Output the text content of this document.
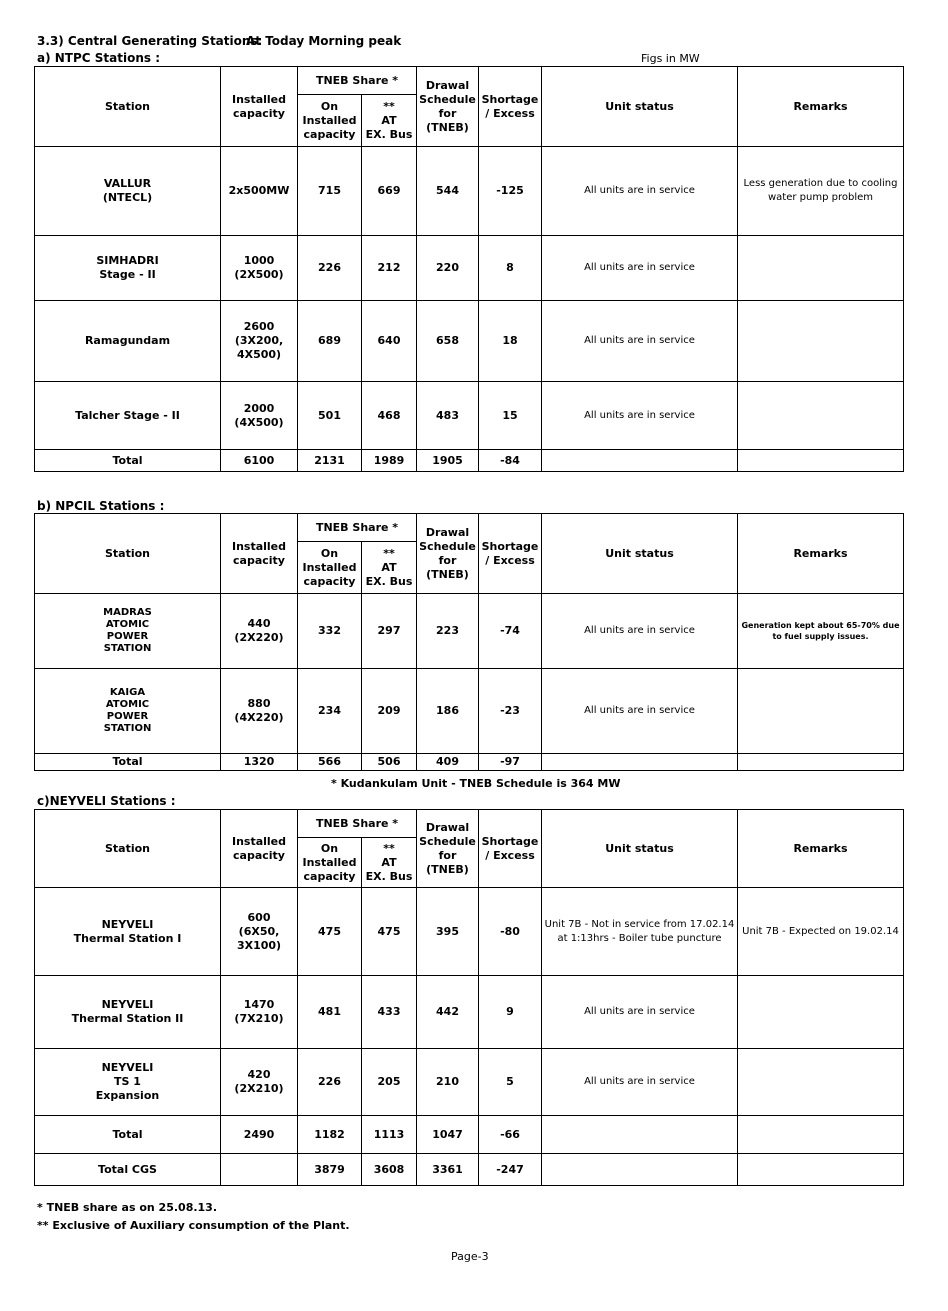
3.3) Central Generating Stations:
At Today Morning peak
a) NTPC Stations :	Figs in MW
Station	Installed
capacity	TNEB Share *		Drawal
Schedule
for
(TNEB)	Shortage
/ Excess	Unit status	Remarks
		On
Installed
capacity	**
AT
EX. Bus				
VALLUR
(NTECL)	2x500MW	715	669	544	-125	All units are in service	Less generation due to cooling water pump problem
SIMHADRI
Stage - II	1000
(2X500)	226	212	220	8	All units are in service	
Ramagundam	2600
(3X200,
4X500)	689	640	658	18	All units are in service	
Talcher Stage - II	2000
(4X500)	501	468	483	15	All units are in service	
Total	6100	2131	1989	1905	-84		
b) NPCIL Stations :
Station	Installed
capacity	TNEB Share *		Drawal
Schedule
for
(TNEB)	Shortage
/ Excess	Unit status	Remarks
		On
Installed
capacity	**
AT
EX. Bus				
MADRAS
ATOMIC
POWER
STATION	440
(2X220)	332	297	223	-74	All units are in service	Generation kept about 65-70% due to fuel supply issues.
KAIGA
ATOMIC
POWER
STATION	880
(4X220)	234	209	186	-23	All units are in service	
Total	1320	566	506	409	-97		
* Kudankulam Unit - TNEB Schedule is 364 MW
c)NEYVELI Stations :
Station	Installed
capacity	TNEB Share *		Drawal
Schedule
for
(TNEB)	Shortage
/ Excess	Unit status	Remarks
		On
Installed
capacity	**
AT
EX. Bus				
NEYVELI
Thermal Station I	600
(6X50,
3X100)	475	475	395	-80	Unit 7B - Not in service from 17.02.14 at 1:13hrs - Boiler tube puncture	Unit 7B - Expected on 19.02.14
NEYVELI
Thermal Station II	1470
(7X210)	481	433	442	9	All units are in service	
NEYVELI
TS 1
Expansion	420
(2X210)	226	205	210	5	All units are in service	
Total	2490	1182	1113	1047	-66		
Total CGS		3879	3608	3361	-247		
* TNEB share as on 25.08.13.
** Exclusive of Auxiliary consumption of the Plant.
Page-3
